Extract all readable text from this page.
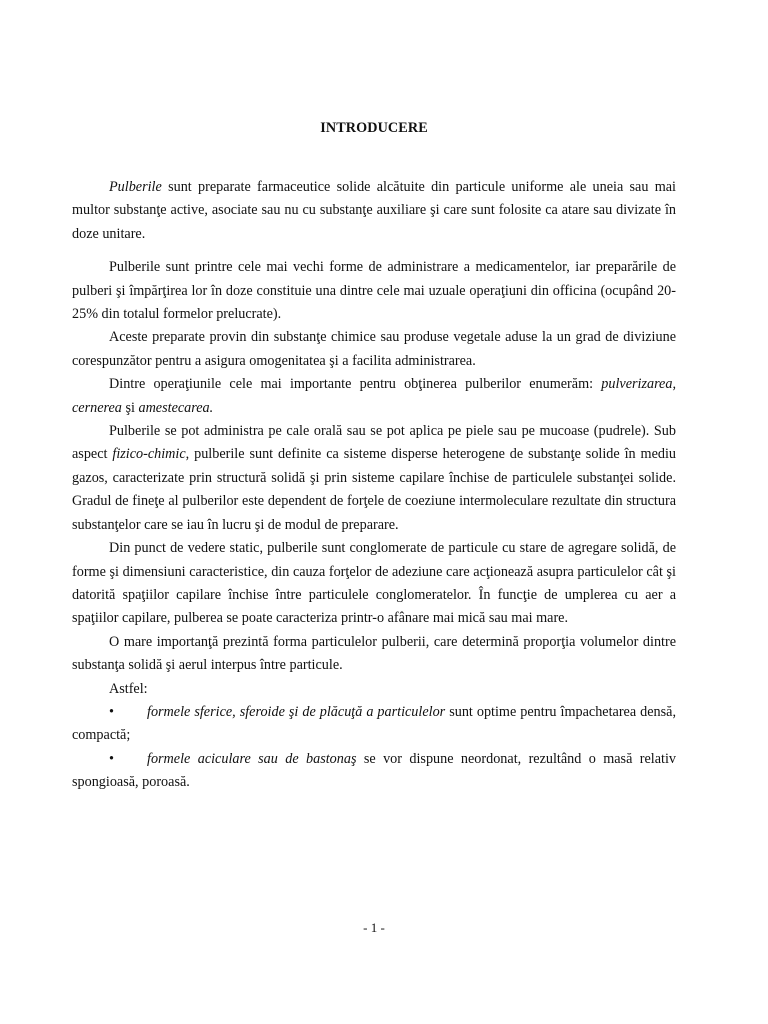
INTRODUCERE

Pulberile sunt preparate farmaceutice solide alcătuite din particule uniforme ale uneia sau mai multor substanţe active, asociate sau nu cu substanţe auxiliare şi care sunt folosite ca atare sau divizate în doze unitare.

Pulberile sunt printre cele mai vechi forme de administrare a medicamentelor, iar preparările de pulberi şi împărţirea lor în doze constituie una dintre cele mai uzuale operaţiuni din officina (ocupând 20-25% din totalul formelor prelucrate).

Aceste preparate provin din substanţe chimice sau produse vegetale aduse la un grad de diviziune corespunzător pentru a asigura omogenitatea şi a facilita administrarea.

Dintre operaţiunile cele mai importante pentru obţinerea pulberilor enumerăm: pulverizarea, cernerea şi amestecarea.

Pulberile se pot administra pe cale orală sau se pot aplica pe piele sau pe mucoase (pudrele). Sub aspect fizico-chimic, pulberile sunt definite ca sisteme disperse heterogene de substanţe solide în mediu gazos, caracterizate prin structură solidă şi prin sisteme capilare închise de particulele substanţei solide. Gradul de fineţe al pulberilor este dependent de forţele de coeziune intermoleculare rezultate din structura substanţelor care se iau în lucru şi de modul de preparare.

Din punct de vedere static, pulberile sunt conglomerate de particule cu stare de agregare solidă, de forme şi dimensiuni caracteristice, din cauza forţelor de adeziune care acţionează asupra particulelor cât şi datorită spaţiilor capilare închise între particulele conglomeratelor. În funcţie de umplerea cu aer a spaţiilor capilare, pulberea se poate caracteriza printr-o afânare mai mică sau mai mare.

O mare importanţă prezintă forma particulelor pulberii, care determină proporţia volumelor dintre substanţa solidă şi aerul interpus între particule.

Astfel:

• formele sferice, sferoide şi de plăcuţă a particulelor sunt optime pentru împachetarea densă, compactă;
• formele aciculare sau de bastonaş se vor dispune neordonat, rezultând o masă relativ spongioasă, poroasă.
- 1 -
